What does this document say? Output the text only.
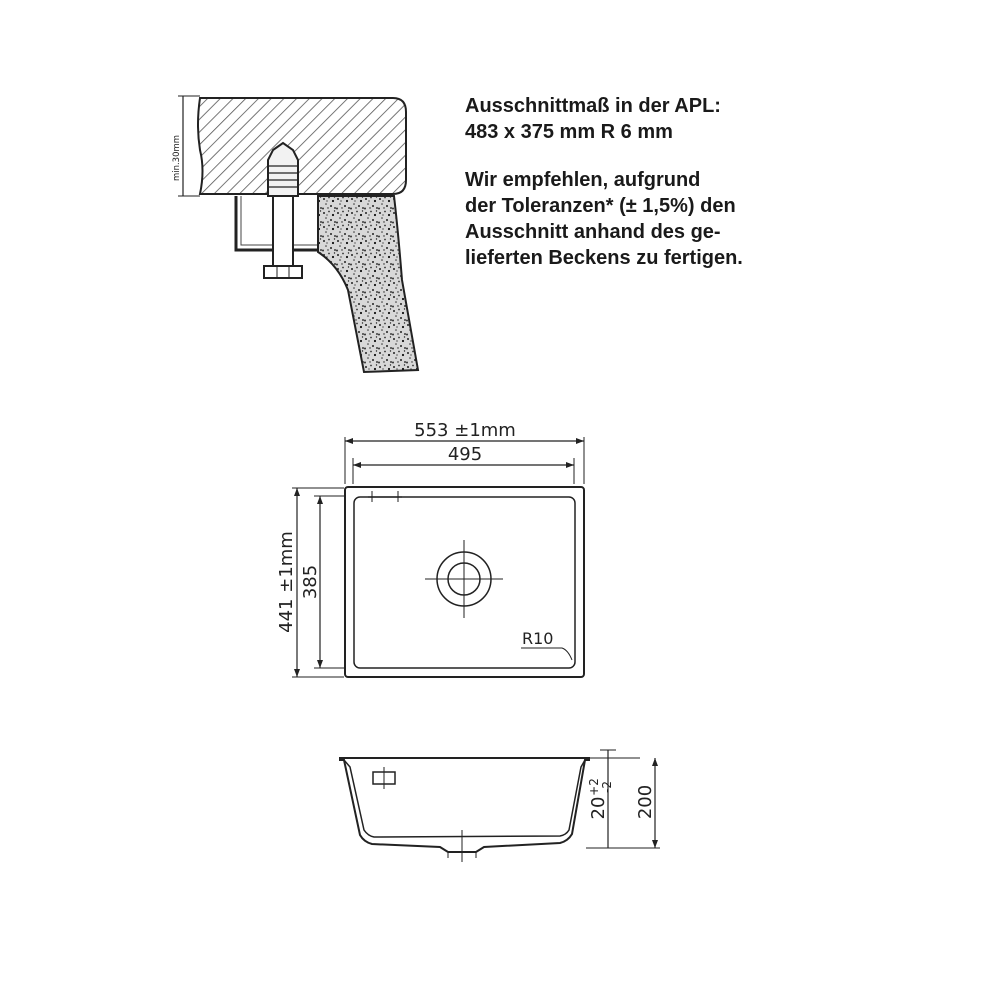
Ausschnittmaß in der APL:
483 x 375 mm R 6 mm
Wir empfehlen, aufgrund
der Toleranzen* (± 1,5%) den
Ausschnitt anhand des ge-
lieferten Beckens zu fertigen.
min.30mm
553 ±1mm
495
441 ±1mm 385
R10
20
+2 -2 200
